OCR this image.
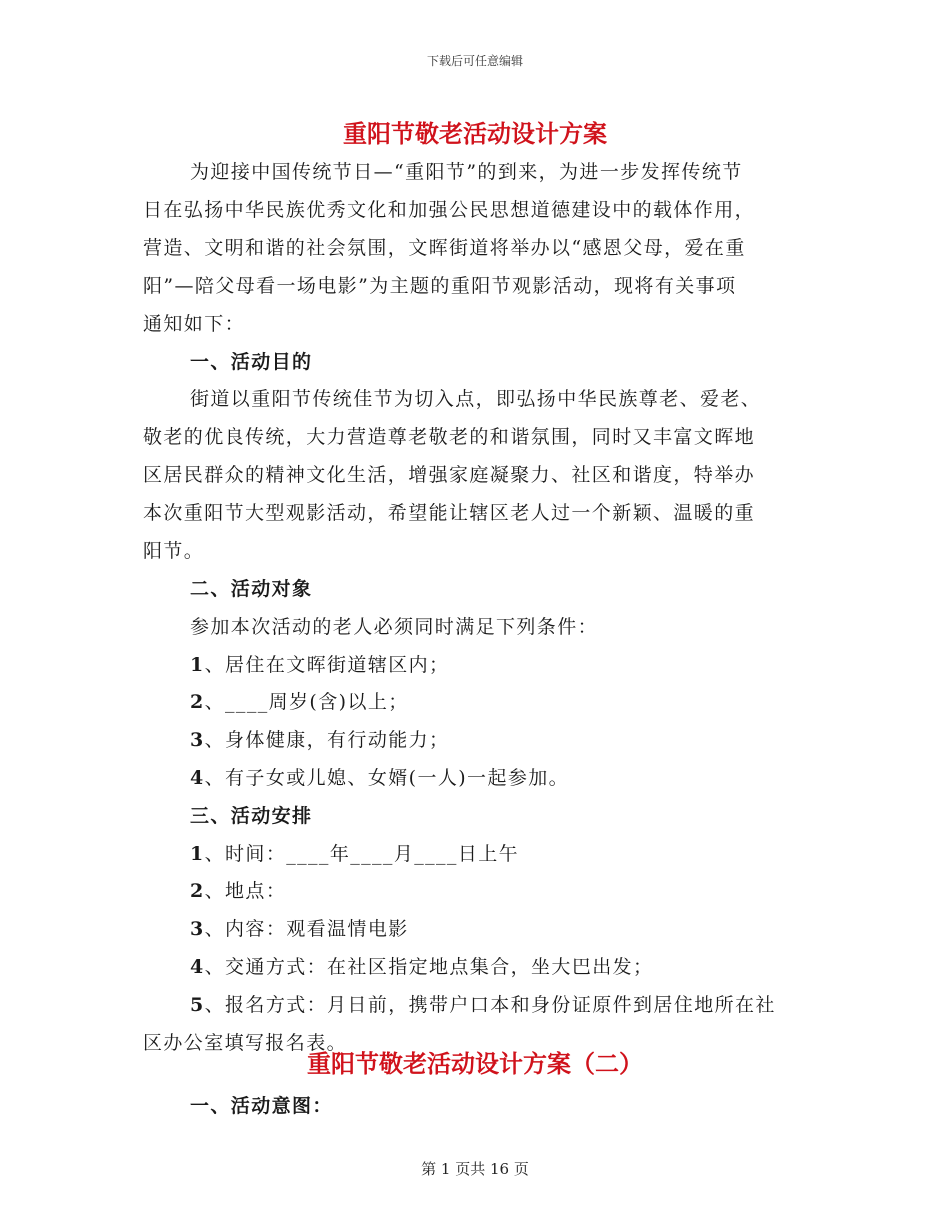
下载后可任意编辑
重阳节敬老活动设计方案
为迎接中国传统节日—“重阳节”的到来，为进一步发挥传统节
日在弘扬中华民族优秀文化和加强公民思想道德建设中的载体作用，
营造、文明和谐的社会氛围，文晖街道将举办以“感恩父母，爱在重
阳”—陪父母看一场电影”为主题的重阳节观影活动，现将有关事项
通知如下：
一、活动目的
街道以重阳节传统佳节为切入点，即弘扬中华民族尊老、爱老、
敬老的优良传统，大力营造尊老敬老的和谐氛围，同时又丰富文晖地
区居民群众的精神文化生活，增强家庭凝聚力、社区和谐度，特举办
本次重阳节大型观影活动，希望能让辖区老人过一个新颖、温暖的重
阳节。
二、活动对象
参加本次活动的老人必须同时满足下列条件：
1、居住在文晖街道辖区内；
2、____周岁(含)以上；
3、身体健康，有行动能力；
4、有子女或儿媳、女婿(一人)一起参加。
三、活动安排
1、时间：____年____月____日上午
2、地点：
3、内容：观看温情电影
4、交通方式：在社区指定地点集合，坐大巴出发；
5、报名方式：月日前，携带户口本和身份证原件到居住地所在社
区办公室填写报名表。
重阳节敬老活动设计方案（二）
一、活动意图：
第 1 页共 16 页
